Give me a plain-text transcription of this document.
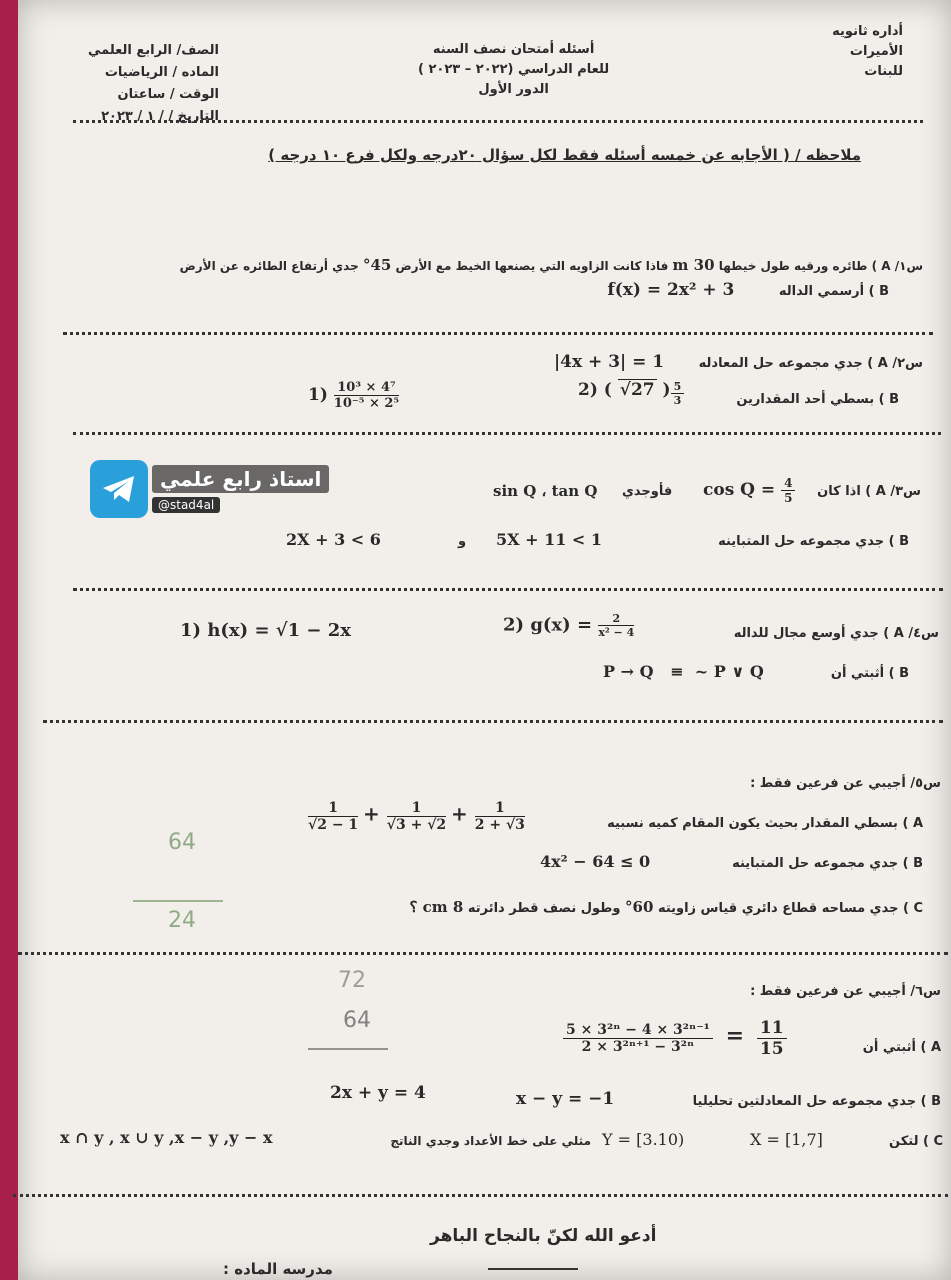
أداره ثانويه
الأميرات
للبنات
أسئله أمتحان نصف السنه
للعام الدراسي (٢٠٢٢ – ٢٠٢٣ )
الدور الأول
الصف/ الرابع العلمي
الماده / الرياضيات
الوقت / ساعتان
التاريخ / / ١ / ٢٠٢٣
ملاحظه / ( الأجابه عن خمسه أسئله فقط لكل سؤال ٢٠درجه ولكل فرع ١٠ درجه )
س١/ A ) طائره ورقيه طول خيطها 30 m فاذا كانت الزاويه التي يصنعها الخيط مع الأرض 45° جدي أرتفاع الطائره عن الأرض
B ) أرسمي الداله f(x) = 2x² + 3
س٢/ A ) جدي مجموعه حل المعادله |4x + 3| = 1
B ) بسطي أحد المقدارين
$1) \frac{\text{10³ × 4⁷}}{\text{10⁻⁵ × 2⁵}}$	2) ( √27 ) $\frac{5}{3}$
استاذ رابع علمي
@stad4al
س٣/ A ) اذا كان
$\cos Q = \frac{4}{5}$
فأوجدي
sin Q ، tan Q
B ) جدي مجموعه حل المتباينه
5X + 11 < 1
و
2X + 3 < 6
س٤/ A ) جدي أوسع مجال للداله
1) h(x) = √1 − 2x	2) $g(x) = \frac{2}{\text{x² − 4}}$
B ) أثبتي أن
P → Q   ≡  ~ P ∨ Q
س٥/ أجيبي عن فرعين فقط :
A ) بسطي المقدار بحيث يكون المقام كميه نسبيه
$\frac{1}{√2 - 1} + \frac{1}{√3 + √2} + \frac{1}{2 + √3}$
B ) جدي مجموعه حل المتباينه
4x² − 64 ≤ 0
C ) جدي مساحه قطاع دائري قياس زاويته 60° وطول نصف قطر دائرته 8 cm ؟
س٦/ أجيبي عن فرعين فقط :
A ) أثبتي أن
$\frac{\text{5 × 3²ⁿ − 4 × 3²ⁿ⁻¹}}{\text{2 × 3²ⁿ⁺¹ − 3²ⁿ}} = \frac{11}{15}$
B ) جدي مجموعه حل المعادلتين تحليليا
x − y = −1
2x + y = 4
C ) لتكن
X = [1,7]
Y = [3.10)
مثلي على خط الأعداد وجدي الناتج
x ∩ y , x ∪ y ,x − y ,y − x
أدعو الله لكنّ بالنجاح الباهر
مدرسه الماده :
64
24
72
64
